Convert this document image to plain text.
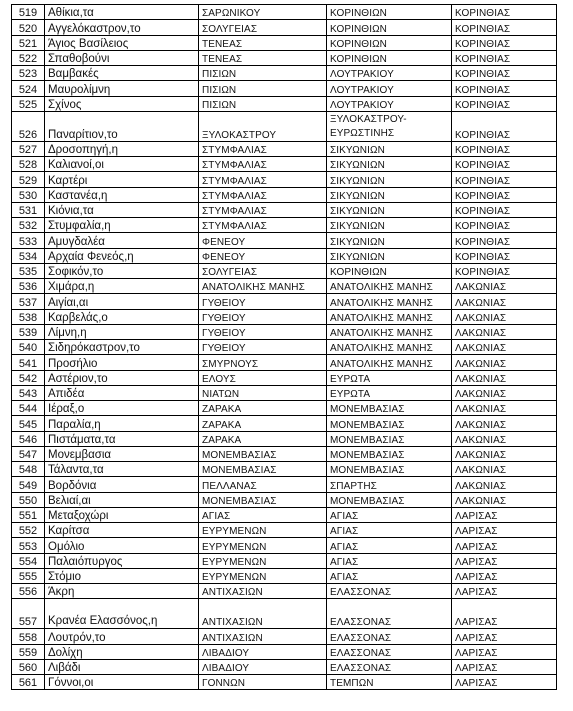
519	Αθίκια,τα	ΣΑΡΩΝΙΚΟΥ	ΚΟΡΙΝΘΙΩΝ	ΚΟΡΙΝΘΙΑΣ
520	Αγγελόκαστρον,το	ΣΟΛΥΓΕΙΑΣ	ΚΟΡΙΝΘΙΩΝ	ΚΟΡΙΝΘΙΑΣ
521	Άγιος Βασίλειος	ΤΕΝΕΑΣ	ΚΟΡΙΝΘΙΩΝ	ΚΟΡΙΝΘΙΑΣ
522	Σπαθοβούνι	ΤΕΝΕΑΣ	ΚΟΡΙΝΘΙΩΝ	ΚΟΡΙΝΘΙΑΣ
523	Βαμβακές	ΠΙΣΙΩΝ	ΛΟΥΤΡΑΚΙΟΥ	ΚΟΡΙΝΘΙΑΣ
524	Μαυρολίμνη	ΠΙΣΙΩΝ	ΛΟΥΤΡΑΚΙΟΥ	ΚΟΡΙΝΘΙΑΣ
525	Σχίνος	ΠΙΣΙΩΝ	ΛΟΥΤΡΑΚΙΟΥ	ΚΟΡΙΝΘΙΑΣ
526	Παναρίτιον,το	ΞΥΛΟΚΑΣΤΡΟΥ	ΞΥΛΟΚΑΣΤΡΟΥ-ΕΥΡΩΣΤΙΝΗΣ	ΚΟΡΙΝΘΙΑΣ
527	Δροσοπηγή,η	ΣΤΥΜΦΑΛΙΑΣ	ΣΙΚΥΩΝΙΩΝ	ΚΟΡΙΝΘΙΑΣ
528	Καλιανοί,οι	ΣΤΥΜΦΑΛΙΑΣ	ΣΙΚΥΩΝΙΩΝ	ΚΟΡΙΝΘΙΑΣ
529	Καρτέρι	ΣΤΥΜΦΑΛΙΑΣ	ΣΙΚΥΩΝΙΩΝ	ΚΟΡΙΝΘΙΑΣ
530	Καστανέα,η	ΣΤΥΜΦΑΛΙΑΣ	ΣΙΚΥΩΝΙΩΝ	ΚΟΡΙΝΘΙΑΣ
531	Κιόνια,τα	ΣΤΥΜΦΑΛΙΑΣ	ΣΙΚΥΩΝΙΩΝ	ΚΟΡΙΝΘΙΑΣ
532	Στυμφαλία,η	ΣΤΥΜΦΑΛΙΑΣ	ΣΙΚΥΩΝΙΩΝ	ΚΟΡΙΝΘΙΑΣ
533	Αμυγδαλέα	ΦΕΝΕΟΥ	ΣΙΚΥΩΝΙΩΝ	ΚΟΡΙΝΘΙΑΣ
534	Αρχαία Φενεός,η	ΦΕΝΕΟΥ	ΣΙΚΥΩΝΙΩΝ	ΚΟΡΙΝΘΙΑΣ
535	Σοφικόν,το	ΣΟΛΥΓΕΙΑΣ	ΚΟΡΙΝΘΙΩΝ	ΚΟΡΙΝΘΙΑΣ
536	Χιμάρα,η	ΑΝΑΤΟΛΙΚΗΣ ΜΑΝΗΣ	ΑΝΑΤΟΛΙΚΗΣ ΜΑΝΗΣ	ΛΑΚΩΝΙΑΣ
537	Αιγίαι,αι	ΓΥΘΕΙΟΥ	ΑΝΑΤΟΛΙΚΗΣ ΜΑΝΗΣ	ΛΑΚΩΝΙΑΣ
538	Καρβελάς,ο	ΓΥΘΕΙΟΥ	ΑΝΑΤΟΛΙΚΗΣ ΜΑΝΗΣ	ΛΑΚΩΝΙΑΣ
539	Λίμνη,η	ΓΥΘΕΙΟΥ	ΑΝΑΤΟΛΙΚΗΣ ΜΑΝΗΣ	ΛΑΚΩΝΙΑΣ
540	Σιδηρόκαστρον,το	ΓΥΘΕΙΟΥ	ΑΝΑΤΟΛΙΚΗΣ ΜΑΝΗΣ	ΛΑΚΩΝΙΑΣ
541	Προσήλιο	ΣΜΥΡΝΟΥΣ	ΑΝΑΤΟΛΙΚΗΣ ΜΑΝΗΣ	ΛΑΚΩΝΙΑΣ
542	Αστέριον,το	ΕΛΟΥΣ	ΕΥΡΩΤΑ	ΛΑΚΩΝΙΑΣ
543	Απιδέα	ΝΙΑΤΩΝ	ΕΥΡΩΤΑ	ΛΑΚΩΝΙΑΣ
544	Ιέραξ,ο	ΖΑΡΑΚΑ	ΜΟΝΕΜΒΑΣΙΑΣ	ΛΑΚΩΝΙΑΣ
545	Παραλία,η	ΖΑΡΑΚΑ	ΜΟΝΕΜΒΑΣΙΑΣ	ΛΑΚΩΝΙΑΣ
546	Πιστάματα,τα	ΖΑΡΑΚΑ	ΜΟΝΕΜΒΑΣΙΑΣ	ΛΑΚΩΝΙΑΣ
547	Μονεμβασια	ΜΟΝΕΜΒΑΣΙΑΣ	ΜΟΝΕΜΒΑΣΙΑΣ	ΛΑΚΩΝΙΑΣ
548	Τάλαντα,τα	ΜΟΝΕΜΒΑΣΙΑΣ	ΜΟΝΕΜΒΑΣΙΑΣ	ΛΑΚΩΝΙΑΣ
549	Βορδόνια	ΠΕΛΛΑΝΑΣ	ΣΠΑΡΤΗΣ	ΛΑΚΩΝΙΑΣ
550	Βελιαί,αι	ΜΟΝΕΜΒΑΣΙΑΣ	ΜΟΝΕΜΒΑΣΙΑΣ	ΛΑΚΩΝΙΑΣ
551	Μεταξοχώρι	ΑΓΙΑΣ	ΑΓΙΑΣ	ΛΑΡΙΣΑΣ
552	Καρίτσα	ΕΥΡΥΜΕΝΩΝ	ΑΓΙΑΣ	ΛΑΡΙΣΑΣ
553	Ομόλιο	ΕΥΡΥΜΕΝΩΝ	ΑΓΙΑΣ	ΛΑΡΙΣΑΣ
554	Παλαιόπυργος	ΕΥΡΥΜΕΝΩΝ	ΑΓΙΑΣ	ΛΑΡΙΣΑΣ
555	Στόμιο	ΕΥΡΥΜΕΝΩΝ	ΑΓΙΑΣ	ΛΑΡΙΣΑΣ
556	Άκρη	ΑΝΤΙΧΑΣΙΩΝ	ΕΛΑΣΣΟΝΑΣ	ΛΑΡΙΣΑΣ
557	Κρανέα Ελασσόνος,η	ΑΝΤΙΧΑΣΙΩΝ	ΕΛΑΣΣΟΝΑΣ	ΛΑΡΙΣΑΣ
558	Λουτρόν,το	ΑΝΤΙΧΑΣΙΩΝ	ΕΛΑΣΣΟΝΑΣ	ΛΑΡΙΣΑΣ
559	Δολίχη	ΛΙΒΑΔΙΟΥ	ΕΛΑΣΣΟΝΑΣ	ΛΑΡΙΣΑΣ
560	Λιβάδι	ΛΙΒΑΔΙΟΥ	ΕΛΑΣΣΟΝΑΣ	ΛΑΡΙΣΑΣ
561	Γόννοι,οι	ΓΟΝΝΩΝ	ΤΕΜΠΩΝ	ΛΑΡΙΣΑΣ
